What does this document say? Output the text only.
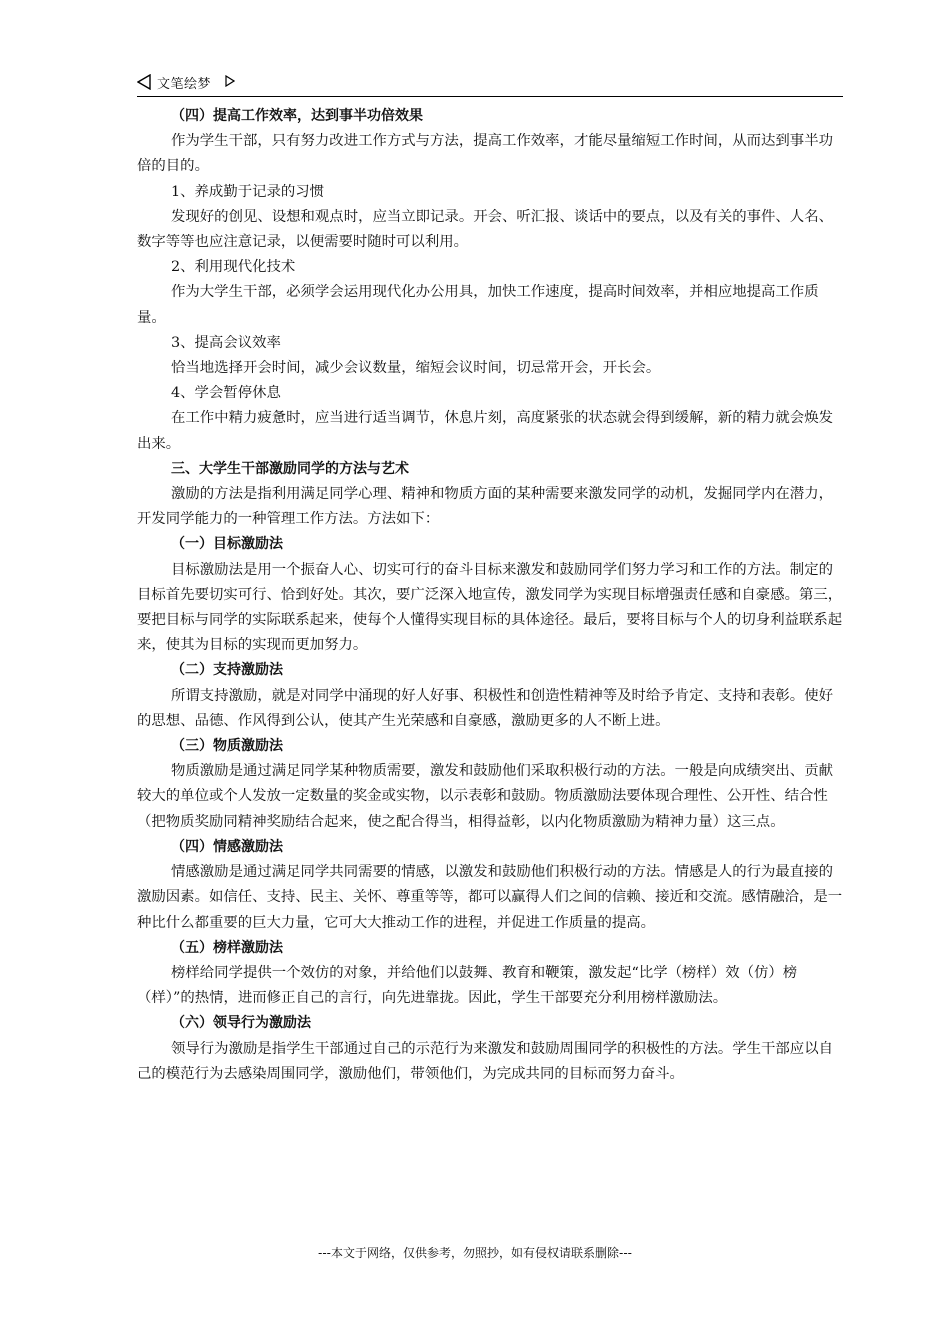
文笔绘梦

（四）提高工作效率，达到事半功倍效果

作为学生干部，只有努力改进工作方式与方法，提高工作效率，才能尽量缩短工作时间，从而达到事半功倍的目的。

1、养成勤于记录的习惯

发现好的创见、设想和观点时，应当立即记录。开会、听汇报、谈话中的要点，以及有关的事件、人名、数字等等也应注意记录，以便需要时随时可以利用。

2、利用现代化技术

作为大学生干部，必须学会运用现代化办公用具，加快工作速度，提高时间效率，并相应地提高工作质量。

3、提高会议效率

恰当地选择开会时间，减少会议数量，缩短会议时间，切忌常开会，开长会。

4、学会暂停休息

在工作中精力疲惫时，应当进行适当调节，休息片刻，高度紧张的状态就会得到缓解，新的精力就会焕发出来。

三、大学生干部激励同学的方法与艺术

激励的方法是指利用满足同学心理、精神和物质方面的某种需要来激发同学的动机，发掘同学内在潜力，开发同学能力的一种管理工作方法。方法如下：

（一）目标激励法

目标激励法是用一个振奋人心、切实可行的奋斗目标来激发和鼓励同学们努力学习和工作的方法。制定的目标首先要切实可行、恰到好处。其次，要广泛深入地宣传，激发同学为实现目标增强责任感和自豪感。第三，要把目标与同学的实际联系起来，使每个人懂得实现目标的具体途径。最后，要将目标与个人的切身利益联系起来，使其为目标的实现而更加努力。

（二）支持激励法

所谓支持激励，就是对同学中涌现的好人好事、积极性和创造性精神等及时给予肯定、支持和表彰。使好的思想、品德、作风得到公认，使其产生光荣感和自豪感，激励更多的人不断上进。

（三）物质激励法

物质激励是通过满足同学某种物质需要，激发和鼓励他们采取积极行动的方法。一般是向成绩突出、贡献较大的单位或个人发放一定数量的奖金或实物，以示表彰和鼓励。物质激励法要体现合理性、公开性、结合性（把物质奖励同精神奖励结合起来，使之配合得当，相得益彰，以内化物质激励为精神力量）这三点。

（四）情感激励法

情感激励是通过满足同学共同需要的情感，以激发和鼓励他们积极行动的方法。情感是人的行为最直接的激励因素。如信任、支持、民主、关怀、尊重等等，都可以赢得人们之间的信赖、接近和交流。感情融洽，是一种比什么都重要的巨大力量，它可大大推动工作的进程，并促进工作质量的提高。

（五）榜样激励法

榜样给同学提供一个效仿的对象，并给他们以鼓舞、教育和鞭策，激发起“比学（榜样）效（仿）榜（样）”的热情，进而修正自己的言行，向先进靠拢。因此，学生干部要充分利用榜样激励法。

（六）领导行为激励法

领导行为激励是指学生干部通过自己的示范行为来激发和鼓励周围同学的积极性的方法。学生干部应以自己的模范行为去感染周围同学，激励他们，带领他们，为完成共同的目标而努力奋斗。

---本文于网络，仅供参考，勿照抄，如有侵权请联系删除---
